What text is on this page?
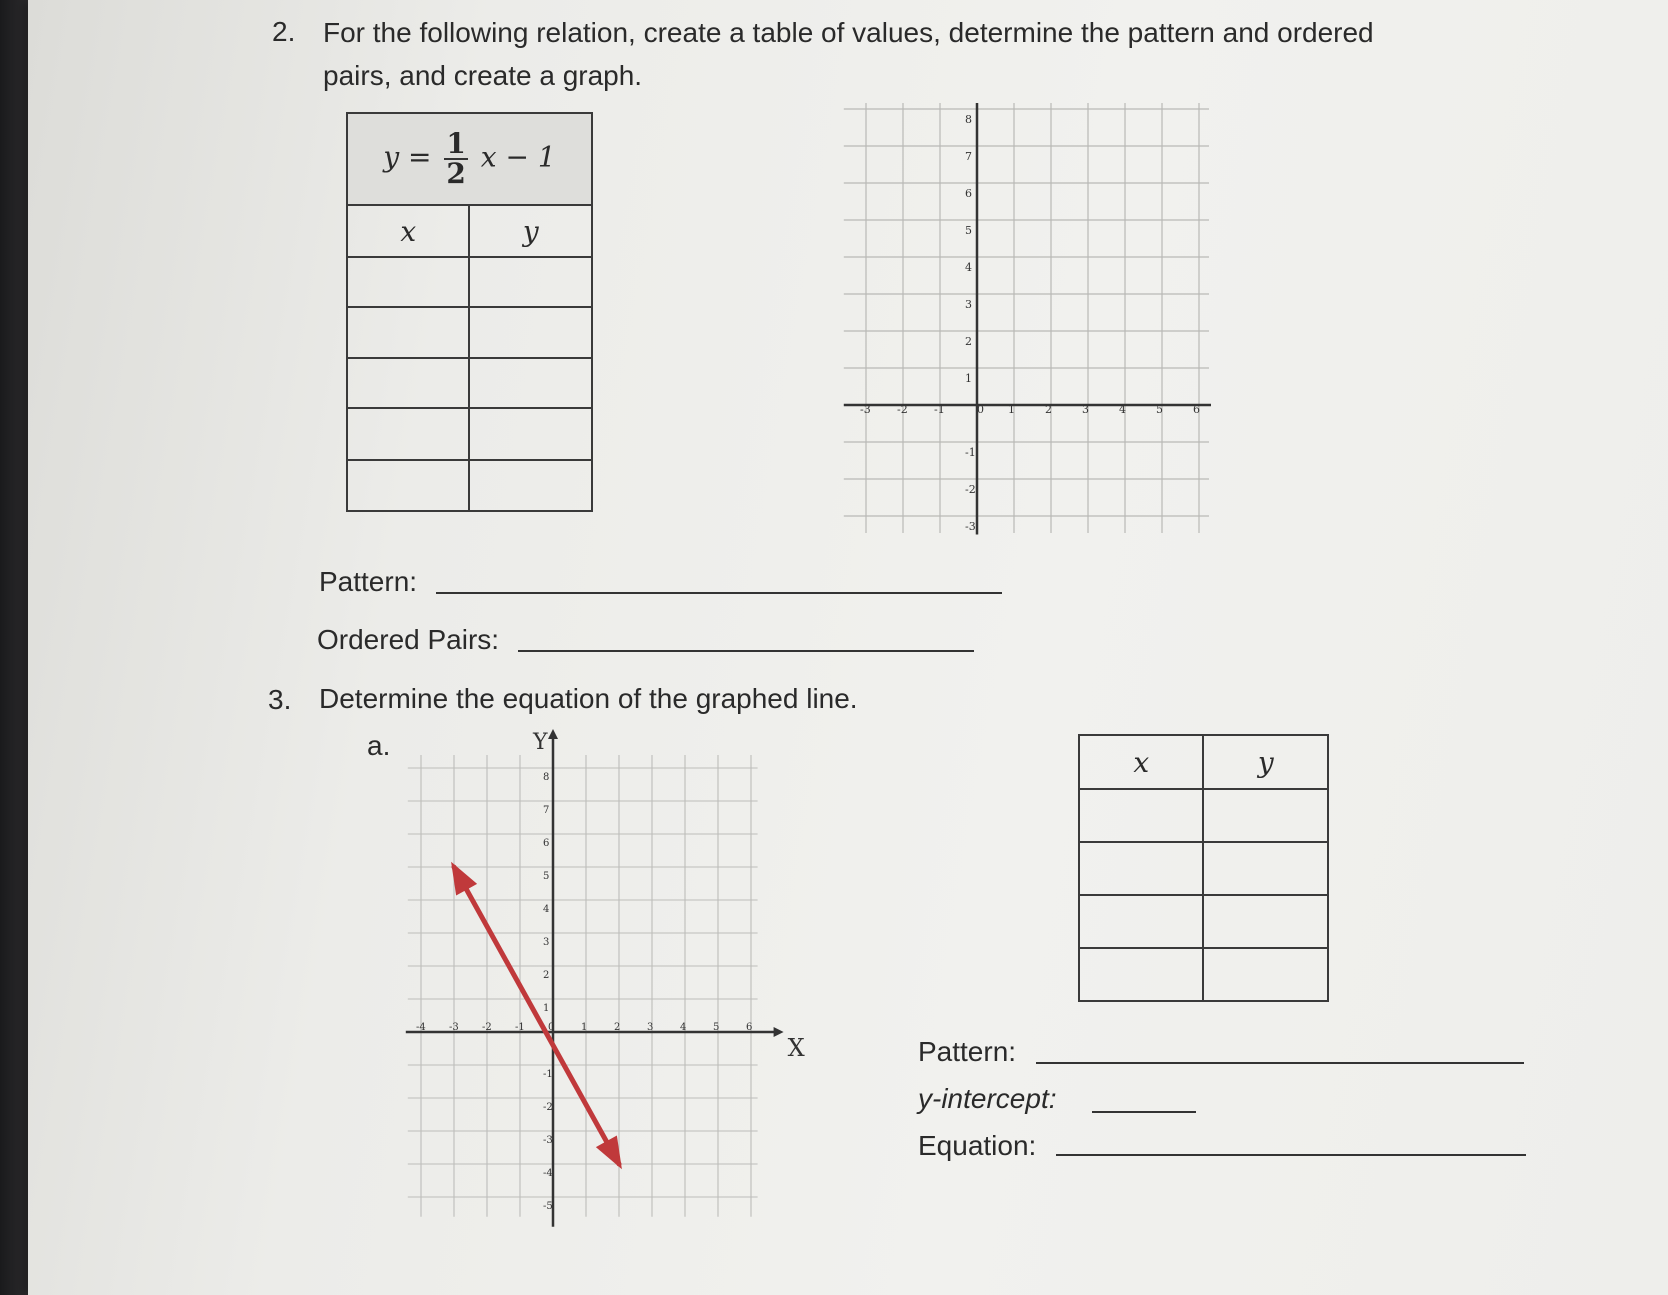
2. For the following relation, create a table of values, determine the pattern and ordered
pairs, and create a graph.
$y = \frac{1}{2}$ x − 1	
x	y

-3 -2 -1	0 1	2	3	4	5	6
8
7
6
5
4
3
2
1
-1
-2
-3
Pattern:
Ordered Pairs:
3. Determine the equation of the graphed line.
a.
X
Y
-4 -3 -2 -1 0	1	2	3	4	5	6
8
7
6
5
4
3
2
1
-1
-2
-3
-4
-5
x	y

Pattern:
y-intercept:
Equation:
